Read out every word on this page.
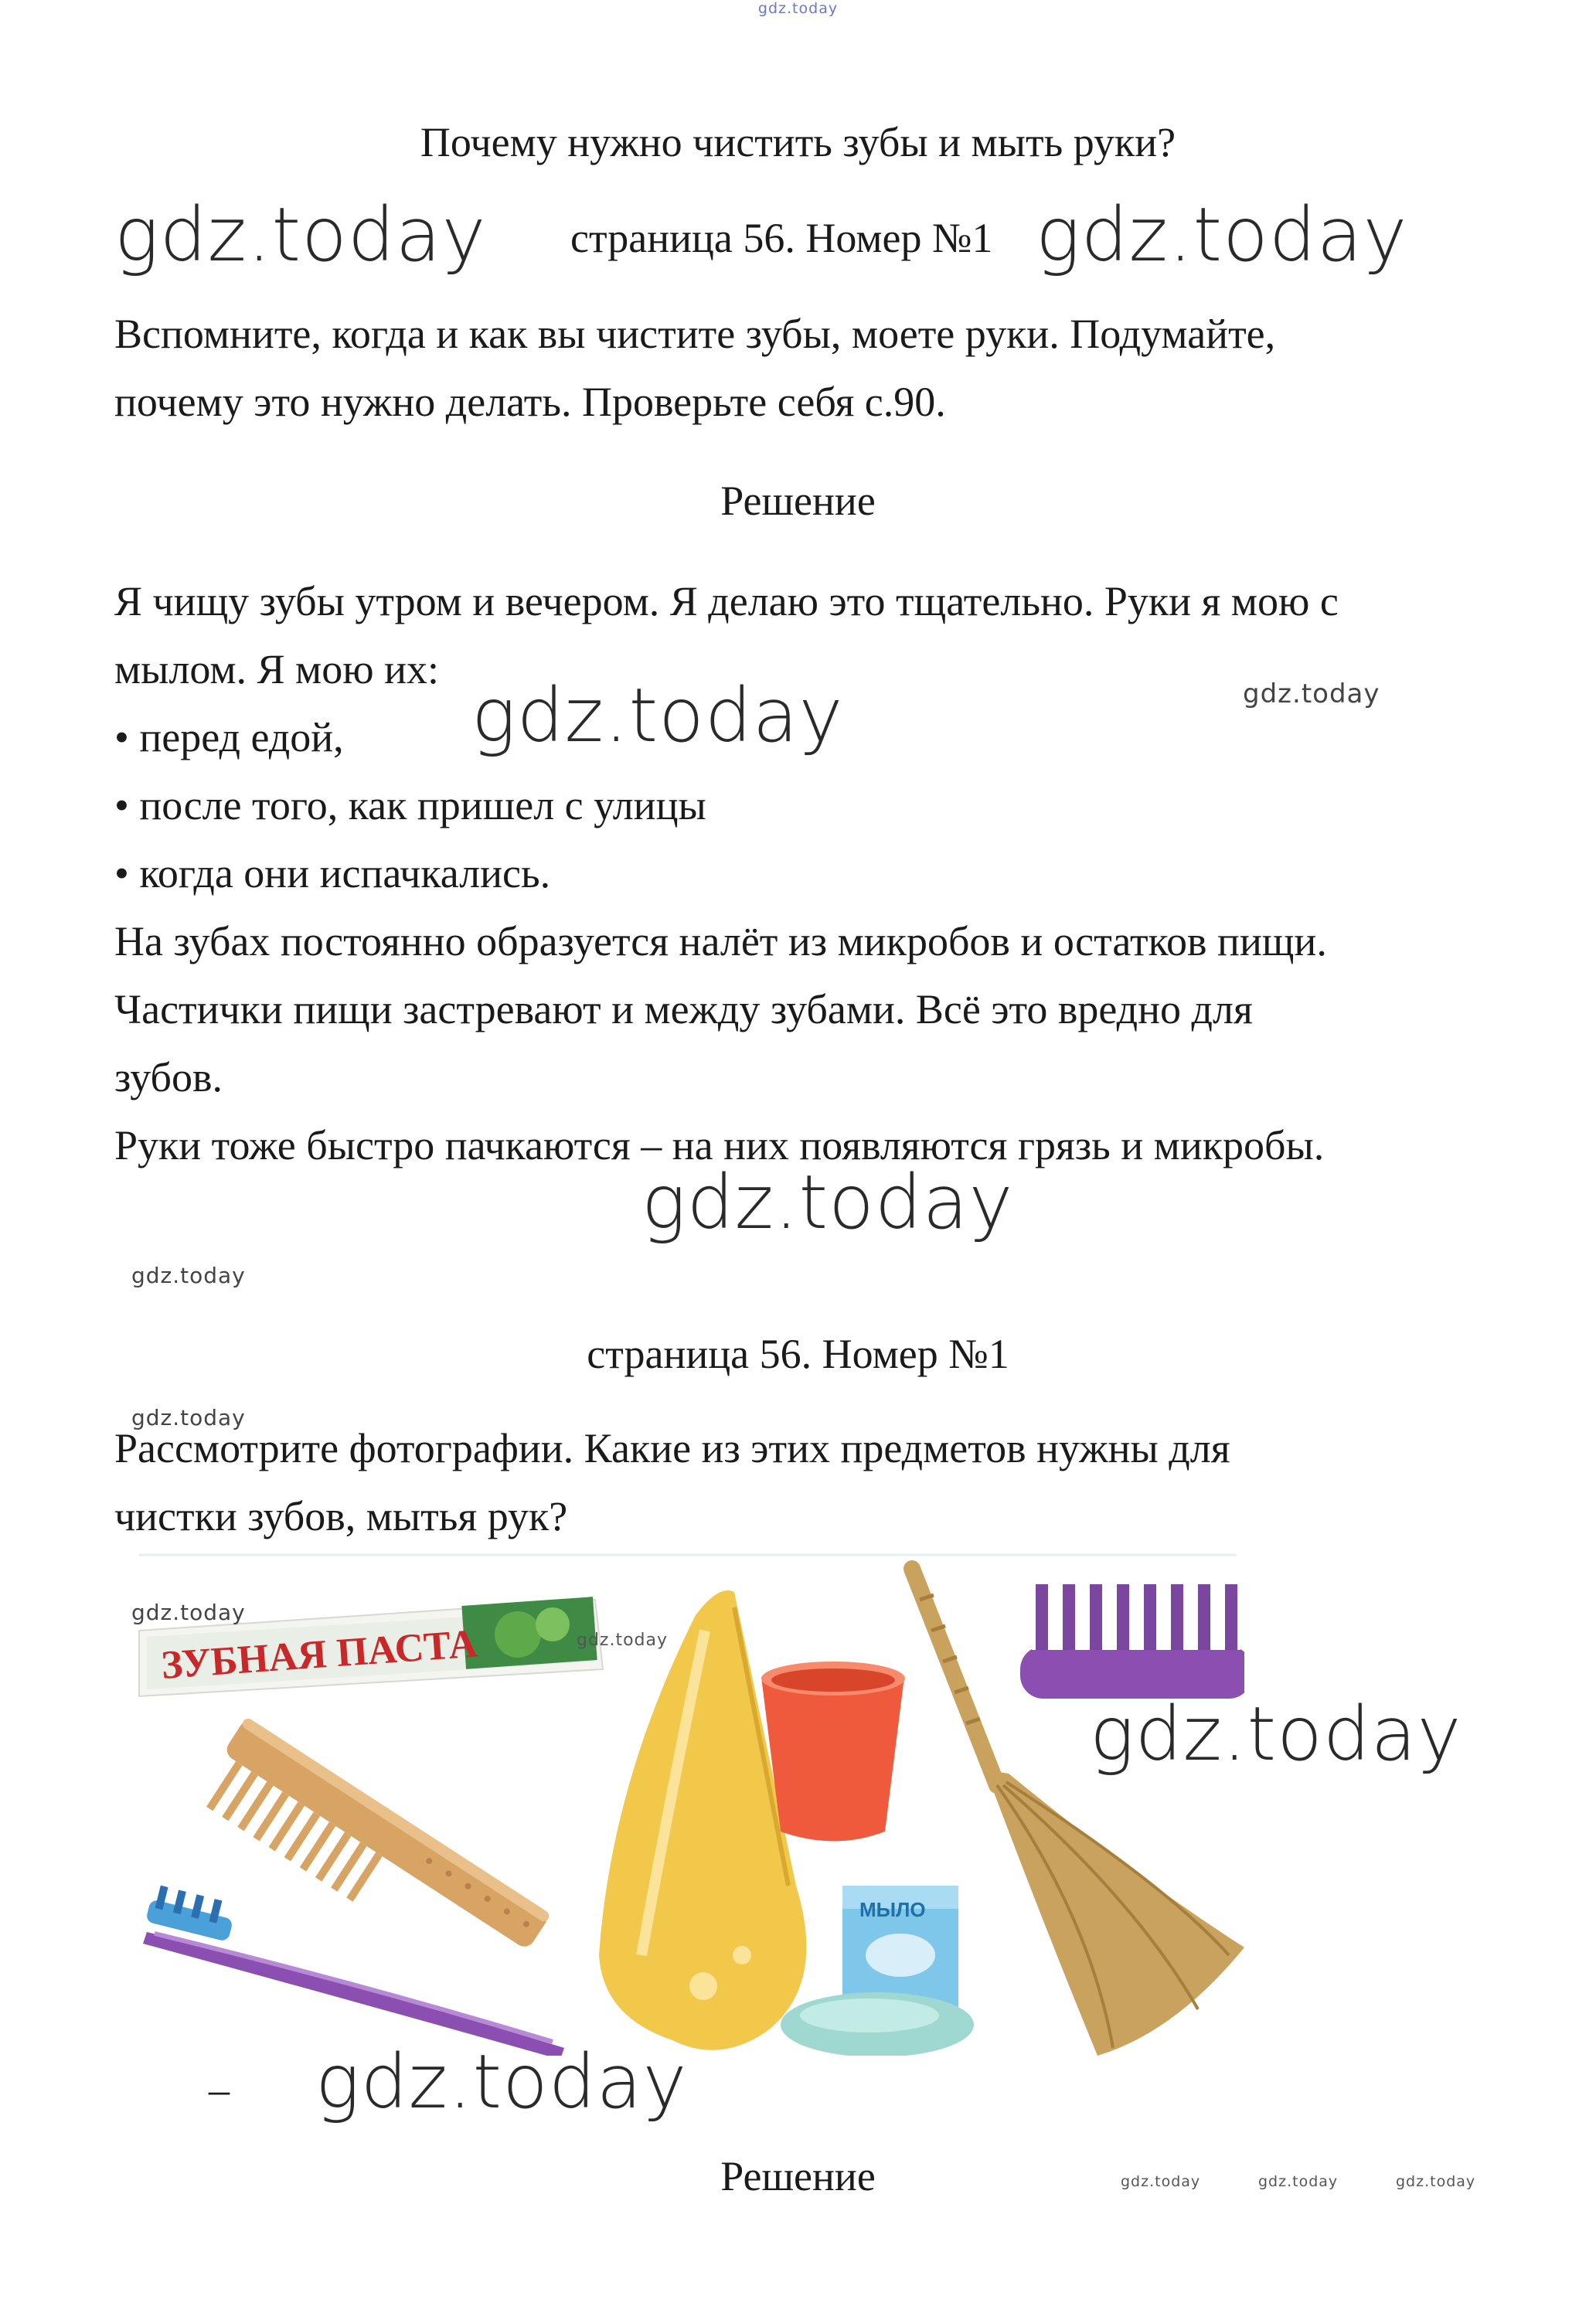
gdz.today
Почему нужно чистить зубы и мыть руки?
gdz.today страница 56. Номер №1 gdz.today
Вспомните, когда и как вы чистите зубы, моете руки. Подумайте,
почему это нужно делать. Проверьте себя с.90.
Решение
Я чищу зубы утром и вечером. Я делаю это тщательно. Руки я мою с
мылом. Я мою их:
• перед едой,
• после того, как пришел с улицы
• когда они испачкались.
На зубах постоянно образуется налёт из микробов и остатков пищи.
Частички пищи застревают и между зубами. Всё это вредно для
зубов.
Руки тоже быстро пачкаются – на них появляются грязь и микробы.
gdz.today	gdz.today
gdz.today
gdz.today
страница 56. Номер №1
gdz.today
Рассмотрите фотографии. Какие из этих предметов нужны для
чистки зубов, мытья рук?
ЗУБНАЯ ПАСТА
МЫЛО
gdz.today
gdz.today
gdz.today
– gdz.today
Решение	gdz.today	gdz.today	gdz.today
